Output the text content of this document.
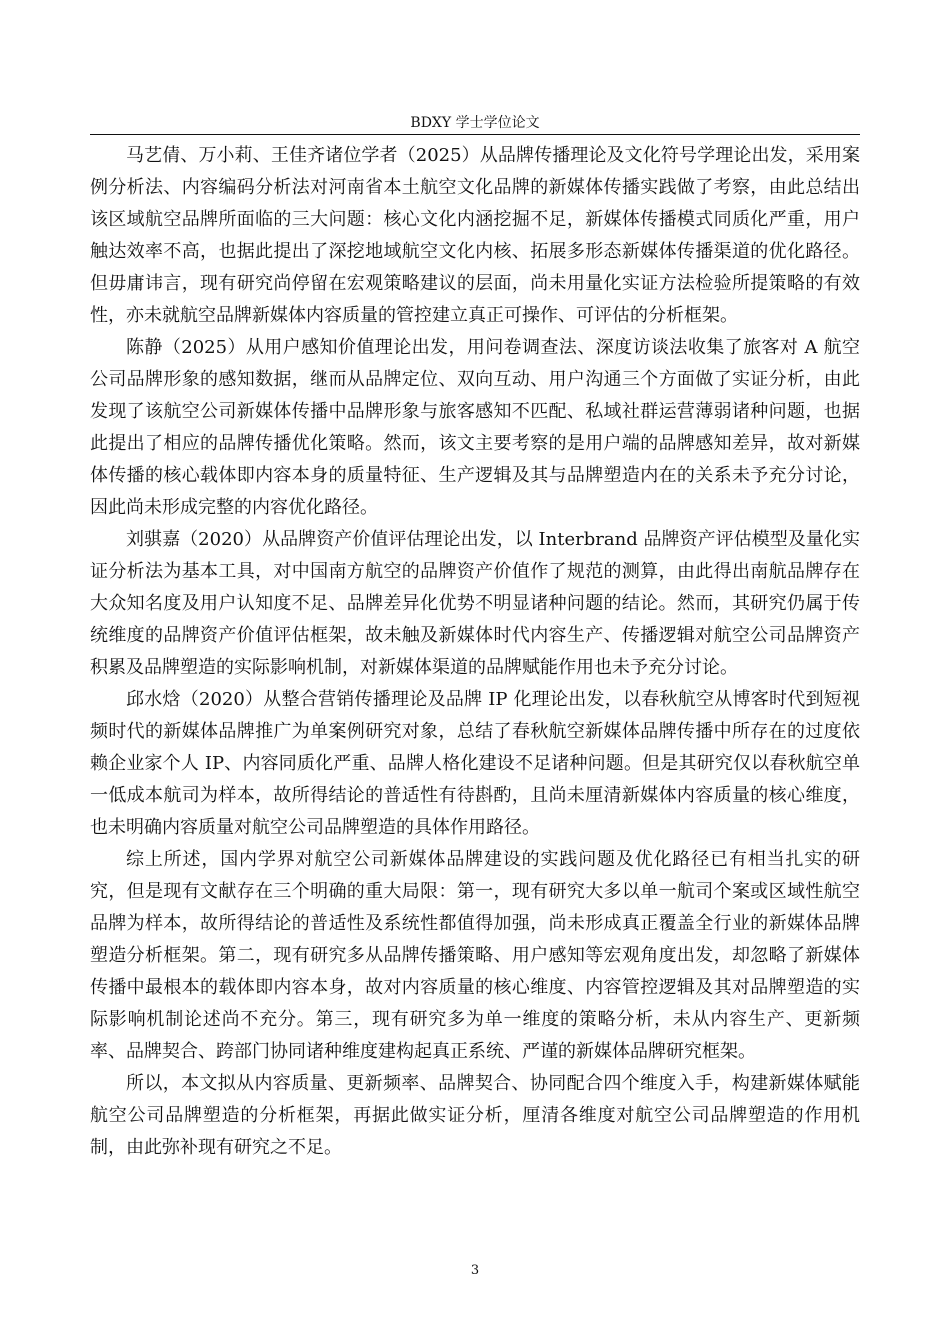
BDXY 学士学位论文

马艺倩、万小莉、王佳齐诸位学者（2025）从品牌传播理论及文化符号学理论出发，采用案例分析法、内容编码分析法对河南省本土航空文化品牌的新媒体传播实践做了考察，由此总结出该区域航空品牌所面临的三大问题：核心文化内涵挖掘不足，新媒体传播模式同质化严重，用户触达效率不高，也据此提出了深挖地域航空文化内核、拓展多形态新媒体传播渠道的优化路径。但毋庸讳言，现有研究尚停留在宏观策略建议的层面，尚未用量化实证方法检验所提策略的有效性，亦未就航空品牌新媒体内容质量的管控建立真正可操作、可评估的分析框架。

陈静（2025）从用户感知价值理论出发，用问卷调查法、深度访谈法收集了旅客对 A 航空公司品牌形象的感知数据，继而从品牌定位、双向互动、用户沟通三个方面做了实证分析，由此发现了该航空公司新媒体传播中品牌形象与旅客感知不匹配、私域社群运营薄弱诸种问题，也据此提出了相应的品牌传播优化策略。然而，该文主要考察的是用户端的品牌感知差异，故对新媒体传播的核心载体即内容本身的质量特征、生产逻辑及其与品牌塑造内在的关系未予充分讨论，因此尚未形成完整的内容优化路径。

刘骐嘉（2020）从品牌资产价值评估理论出发，以 Interbrand 品牌资产评估模型及量化实证分析法为基本工具，对中国南方航空的品牌资产价值作了规范的测算，由此得出南航品牌存在大众知名度及用户认知度不足、品牌差异化优势不明显诸种问题的结论。然而，其研究仍属于传统维度的品牌资产价值评估框架，故未触及新媒体时代内容生产、传播逻辑对航空公司品牌资产积累及品牌塑造的实际影响机制，对新媒体渠道的品牌赋能作用也未予充分讨论。

邱水焓（2020）从整合营销传播理论及品牌 IP 化理论出发，以春秋航空从博客时代到短视频时代的新媒体品牌推广为单案例研究对象，总结了春秋航空新媒体品牌传播中所存在的过度依赖企业家个人 IP、内容同质化严重、品牌人格化建设不足诸种问题。但是其研究仅以春秋航空单一低成本航司为样本，故所得结论的普适性有待斟酌，且尚未厘清新媒体内容质量的核心维度，也未明确内容质量对航空公司品牌塑造的具体作用路径。

综上所述，国内学界对航空公司新媒体品牌建设的实践问题及优化路径已有相当扎实的研究，但是现有文献存在三个明确的重大局限：第一，现有研究大多以单一航司个案或区域性航空品牌为样本，故所得结论的普适性及系统性都值得加强，尚未形成真正覆盖全行业的新媒体品牌塑造分析框架。第二，现有研究多从品牌传播策略、用户感知等宏观角度出发，却忽略了新媒体传播中最根本的载体即内容本身，故对内容质量的核心维度、内容管控逻辑及其对品牌塑造的实际影响机制论述尚不充分。第三，现有研究多为单一维度的策略分析，未从内容生产、更新频率、品牌契合、跨部门协同诸种维度建构起真正系统、严谨的新媒体品牌研究框架。

所以，本文拟从内容质量、更新频率、品牌契合、协同配合四个维度入手，构建新媒体赋能航空公司品牌塑造的分析框架，再据此做实证分析，厘清各维度对航空公司品牌塑造的作用机制，由此弥补现有研究之不足。

3
